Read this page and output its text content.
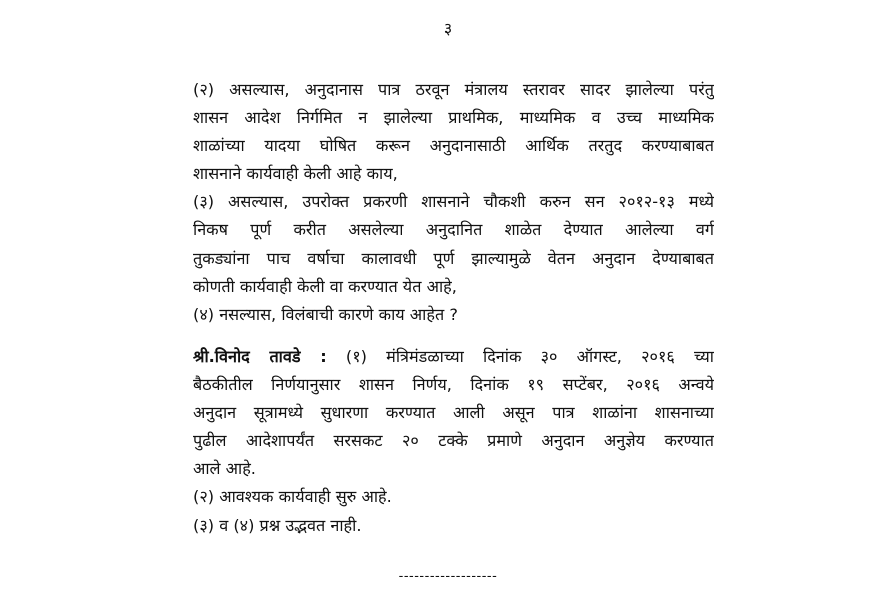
३
(२) असल्यास, अनुदानास पात्र ठरवून मंत्रालय स्तरावर सादर झालेल्या परंतु
शासन आदेश निर्गमित न झालेल्या प्राथमिक, माध्यमिक व उच्च माध्यमिक
शाळांच्या यादया घोषित करून अनुदानासाठी आर्थिक तरतुद करण्याबाबत
शासनाने कार्यवाही केली आहे काय,
(३) असल्यास, उपरोक्त प्रकरणी शासनाने चौकशी करुन सन २०१२-१३ मध्ये
निकष पूर्ण करीत असलेल्या अनुदानित शाळेत देण्यात आलेल्या वर्ग
तुकड्यांना पाच वर्षाचा कालावधी पूर्ण झाल्यामुळे वेतन अनुदान देण्याबाबत
कोणती कार्यवाही केली वा करण्यात येत आहे,
(४) नसल्यास, विलंबाची कारणे काय आहेत ?
श्री.विनोद तावडे : (१) मंत्रिमंडळाच्या दिनांक ३० ऑगस्ट, २०१६ च्या
बैठकीतील निर्णयानुसार शासन निर्णय, दिनांक १९ सप्टेंबर, २०१६ अन्वये
अनुदान सूत्रामध्ये सुधारणा करण्यात आली असून पात्र शाळांना शासनाच्या
पुढील आदेशापर्यंत सरसकट २० टक्के प्रमाणे अनुदान अनुज्ञेय करण्यात
आले आहे.
(२) आवश्यक कार्यवाही सुरु आहे.
(३) व (४) प्रश्न उद्भवत नाही.
-------------------
